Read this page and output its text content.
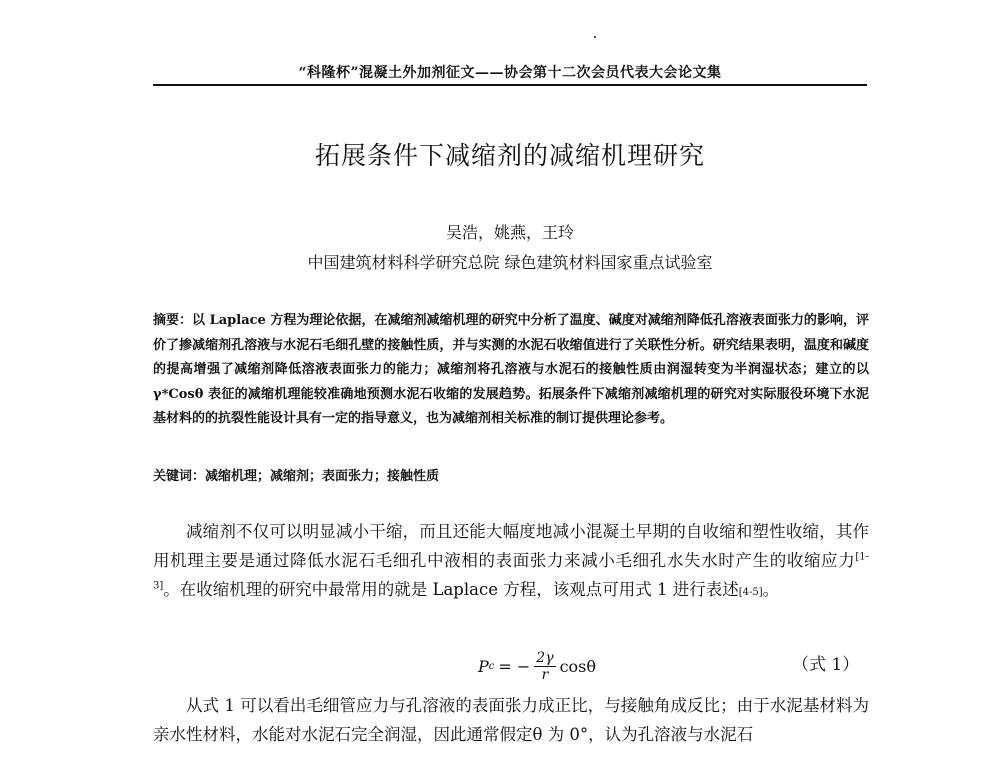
“科隆杯”混凝土外加剂征文——协会第十二次会员代表大会论文集
拓展条件下减缩剂的减缩机理研究
吴浩，姚燕，王玲
中国建筑材料科学研究总院 绿色建筑材料国家重点试验室
摘要：以 Laplace 方程为理论依据，在减缩剂减缩机理的研究中分析了温度、碱度对减缩剂降低孔溶液表面张力的影响，评价了掺减缩剂孔溶液与水泥石毛细孔壁的接触性质，并与实测的水泥石收缩值进行了关联性分析。研究结果表明，温度和碱度的提高增强了减缩剂降低溶液表面张力的能力；减缩剂将孔溶液与水泥石的接触性质由润湿转变为半润湿状态；建立的以 γ*Cosθ 表征的减缩机理能较准确地预测水泥石收缩的发展趋势。拓展条件下减缩剂减缩机理的研究对实际服役环境下水泥基材料的的抗裂性能设计具有一定的指导意义，也为减缩剂相关标准的制订提供理论参考。
关键词：减缩机理；减缩剂；表面张力；接触性质
减缩剂不仅可以明显减小干缩，而且还能大幅度地减小混凝土早期的自收缩和塑性收缩，其作用机理主要是通过降低水泥石毛细孔中液相的表面张力来减小毛细孔水失水时产生的收缩应力[1-3]。在收缩机理的研究中最常用的就是 Laplace 方程，该观点可用式 1 进行表述[4-5]。
P c = − $\frac{2\gamma}{r}$ cosθ	（式 1）
从式 1 可以看出毛细管应力与孔溶液的表面张力成正比，与接触角成反比；由于水泥基材料为亲水性材料，水能对水泥石完全润湿，因此通常假定θ 为 0°，认为孔溶液与水泥石
